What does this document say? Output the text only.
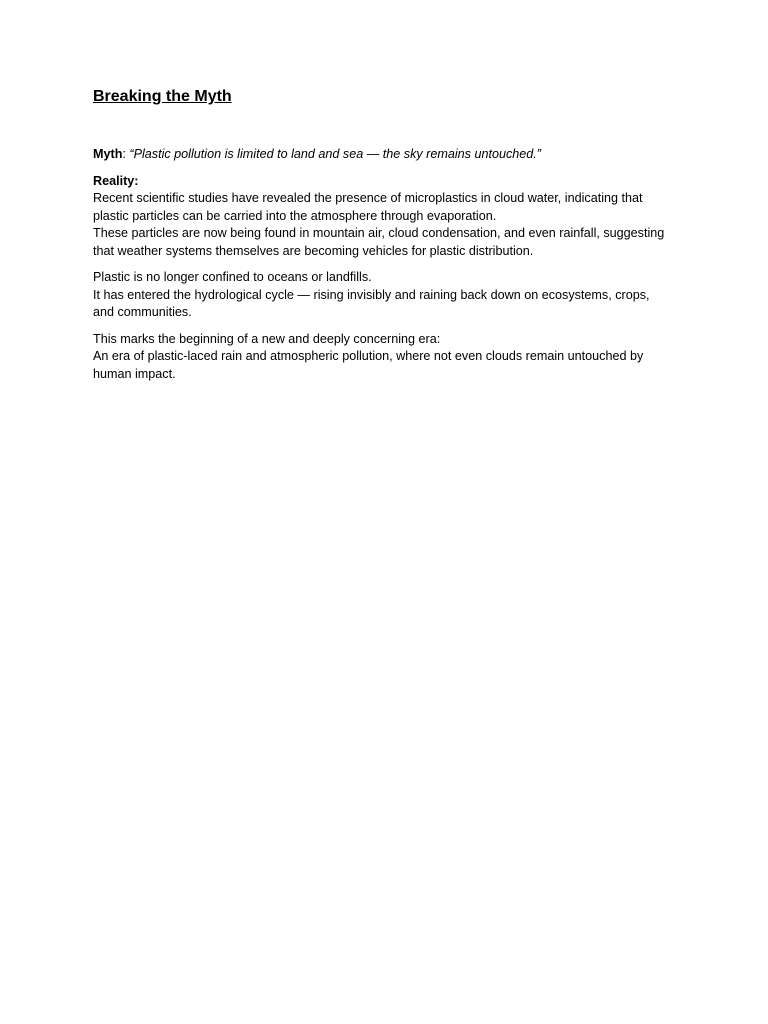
Breaking the Myth
Myth: “Plastic pollution is limited to land and sea — the sky remains untouched.”
Reality:
Recent scientific studies have revealed the presence of microplastics in cloud water, indicating that plastic particles can be carried into the atmosphere through evaporation.
These particles are now being found in mountain air, cloud condensation, and even rainfall, suggesting that weather systems themselves are becoming vehicles for plastic distribution.
Plastic is no longer confined to oceans or landfills.
It has entered the hydrological cycle — rising invisibly and raining back down on ecosystems, crops, and communities.
This marks the beginning of a new and deeply concerning era:
An era of plastic-laced rain and atmospheric pollution, where not even clouds remain untouched by human impact.
